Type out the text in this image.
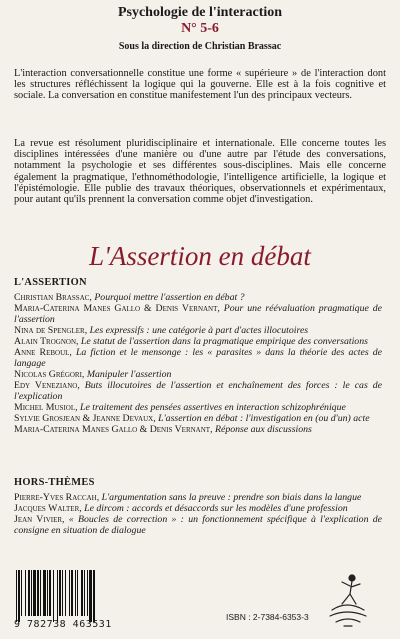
Psychologie de l'interaction
N° 5-6
Sous la direction de Christian Brassac

L'interaction conversationnelle constitue une forme « supérieure » de l'interaction dont les structures réfléchissent la logique qui la gouverne. Elle est à la fois cognitive et sociale. La conversation en constitue manifestement l'un des principaux vecteurs.

La revue est résolument pluridisciplinaire et internationale. Elle concerne toutes les disciplines intéressées d'une manière ou d'une autre par l'étude des conversations, notamment la psychologie et ses différentes sous-disciplines. Mais elle concerne également la pragmatique, l'ethnométhodologie, l'intelligence artificielle, la logique et l'épistémologie. Elle publie des travaux théoriques, observationnels et expérimentaux, pour autant qu'ils prennent la conversation comme objet d'investigation.

L'Assertion en débat
L'ASSERTION
Christian Brassac, Pourquoi mettre l'assertion en débat ?
Maria-Caterina Manes Gallo & Denis Vernant, Pour une réévaluation pragmatique de l'assertion
Nina de Spengler, Les expressifs : une catégorie à part d'actes illocutoires
Alain Trognon, Le statut de l'assertion dans la pragmatique empirique des conversations
Anne Reboul, La fiction et le mensonge : les « parasites » dans la théorie des actes de langage
Nicolas Grégori, Manipuler l'assertion
Edy Veneziano, Buts illocutoires de l'assertion et enchaînement des forces : le cas de l'explication
Michel Musiol, Le traitement des pensées assertives en interaction schizophrénique
Sylvie Grosjean & Jeanne Devaux, L'assertion en débat : l'investigation en (ou d'un) acte
Maria-Caterina Manes Gallo & Denis Vernant, Réponse aux discussions
HORS-THÈMES
Pierre-Yves Raccah, L'argumentation sans la preuve : prendre son biais dans la langue
Jacques Walter, Le dircom : accords et désaccords sur les modèles d'une profession
Jean Vivier, « Boucles de correction » : un fonctionnement spécifique à l'explication de consigne en situation de dialogue
9 782738 463531
ISBN : 2-7384-6353-3
